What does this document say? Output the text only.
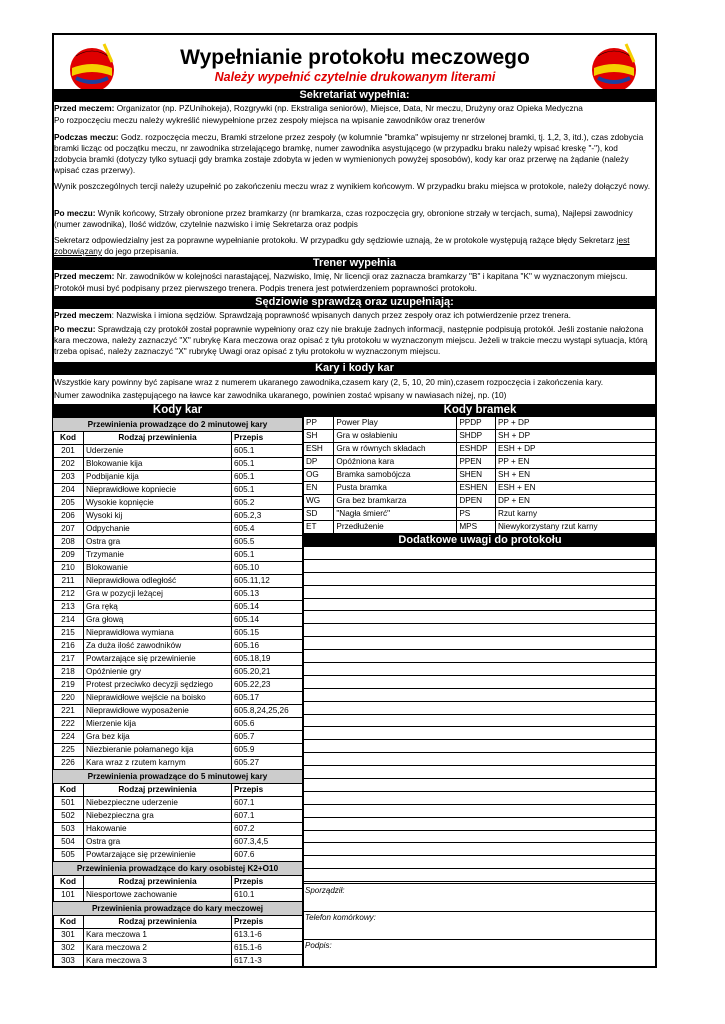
Wypełnianie protokołu meczowego
Należy wypełnić czytelnie drukowanym literami
Sekretariat wypełnia:
Przed meczem: Organizator (np. PZUnihokeja), Rozgrywki (np. Ekstraliga seniorów), Miejsce, Data, Nr meczu, Drużyny oraz Opieka Medyczna
Po rozpoczęciu meczu należy wykreślić niewypełnione przez zespoły miejsca na wpisanie zawodników oraz trenerów
Podczas meczu: Godz. rozpoczęcia meczu, Bramki strzelone przez zespoły (w kolumnie "bramka" wpisujemy nr strzelonej bramki, tj. 1,2, 3, itd.), czas zdobycia bramki licząc od początku meczu, nr zawodnika strzelającego bramkę, numer zawodnika asystującego (w przypadku braku należy wpisać kreskę "-"), kod zdobycia bramki (dotyczy tylko sytuacji gdy bramka zostaje zdobyta w jeden w wymienionych powyżej sposobów), kody kar oraz przerwę na żądanie (należy wpisać czas przerwy).
Wynik poszczególnych tercji należy uzupełnić po zakończeniu meczu wraz z wynikiem końcowym. W przypadku braku miejsca w protokole, należy dołączyć nowy.
Po meczu: Wynik końcowy, Strzały obronione przez bramkarzy (nr bramkarza, czas rozpoczęcia gry, obronione strzały w tercjach, suma), Najlepsi zawodnicy (numer zawodnika), Ilość widzów, czytelnie nazwisko i imię Sekretarza oraz podpis
Sekretarz odpowiedzialny jest za poprawne wypełnianie protokołu. W przypadku gdy sędziowie uznają, że w protokole występują rażące błędy Sekretarz jest zobowiązany do jego przepisania.
Trener wypełnia
Przed meczem: Nr. zawodników w kolejności narastającej, Nazwisko, Imię, Nr licencji oraz zaznacza bramkarzy "B" i kapitana "K" w wyznaczonym miejscu.
Protokół musi być podpisany przez pierwszego trenera. Podpis trenera jest potwierdzeniem poprawności protokołu.
Sędziowie sprawdzą oraz uzupełniają:
Przed meczem: Nazwiska i imiona sędziów. Sprawdzają poprawność wpisanych danych przez zespoły oraz ich potwierdzenie przez trenera.
Po meczu: Sprawdzają czy protokół został poprawnie wypełniony oraz czy nie brakuje żadnych informacji, następnie podpisują protokół. Jeśli zostanie nałożona kara meczowa, należy zaznaczyć "X" rubrykę Kara meczowa oraz opisać z tyłu protokołu w wyznaczonym miejscu. Jeżeli w trakcie meczu wystąpi sytuacja, którą trzeba opisać, należy zaznaczyć "X" rubrykę Uwagi oraz opisać z tyłu protokołu w wyznaczonym miejscu.
Kary i kody kar
Wszystkie kary powinny być zapisane wraz z numerem ukaranego zawodnika,czasem kary (2, 5, 10, 20 min),czasem rozpoczęcia i zakończenia kary.
Numer zawodnika zastępującego na ławce kar zawodnika ukaranego, powinien zostać wpisany w nawiasach niżej, np. (10)
Kody kar	Kody bramek
Przewinienia prowadzące do 2 minutowej kary		
Kod	Rodzaj przewinienia	Przepis
201	Uderzenie	605.1
202	Blokowanie kija	605.1
203	Podbijanie kija	605.1
204	Nieprawidłowe kopniecie	605.1
205	Wysokie kopnięcie	605.2
206	Wysoki kij	605.2,3
207	Odpychanie	605.4
208	Ostra gra	605.5
209	Trzymanie	605.1
210	Blokowanie	605.10
211	Nieprawidłowa odległość	605.11,12
212	Gra w pozycji leżącej	605.13
213	Gra ręką	605.14
214	Gra głową	605.14
215	Nieprawidłowa wymiana	605.15
216	Za duża ilość zawodników	605.16
217	Powtarzające się przewinienie	605.18,19
218	Opóźnienie gry	605.20,21
219	Protest przeciwko decyzji sędziego	605.22,23
220	Nieprawidłowe wejście na boisko	605.17
221	Nieprawidłowe wyposażenie	605.8,24,25,26
222	Mierzenie kija	605.6
224	Gra bez kija	605.7
225	Niezbieranie połamanego kija	605.9
226	Kara wraz z rzutem karnym	605.27
Przewinienia prowadzące do 5 minutowej kary		
Kod	Rodzaj przewinienia	Przepis
501	Niebezpieczne uderzenie	607.1
502	Niebezpieczna gra	607.1
503	Hakowanie	607.2
504	Ostra gra	607.3,4,5
505	Powtarzające się przewinienie	607.6
Przewinienia prowadzące do kary osobistej K2+O10		
Kod	Rodzaj przewinienia	Przepis
101	Niesportowe zachowanie	610.1
Przewinienia prowadzące do kary meczowej		
Kod	Rodzaj przewinienia	Przepis
301	Kara meczowa 1	613.1-6
302	Kara meczowa 2	615.1-6
303	Kara meczowa 3	617.1-3
PP	Power Play	PPDP	PP + DP
SH	Gra w osłabieniu	SHDP	SH + DP
ESH	Gra w równych składach	ESHDP	ESH + DP
DP	Opóźniona kara	PPEN	PP + EN
OG	Bramka samobójcza	SHEN	SH + EN
EN	Pusta bramka	ESHEN	ESH + EN
WG	Gra bez bramkarza	DPEN	DP + EN
SD	"Nagła śmierć"	PS	Rzut karny
ET	Przedłużenie	MPS	Niewykorzystany rzut karny
Dodatkowe uwagi do protokołu
Sporządził:
Telefon komórkowy:
Podpis:
